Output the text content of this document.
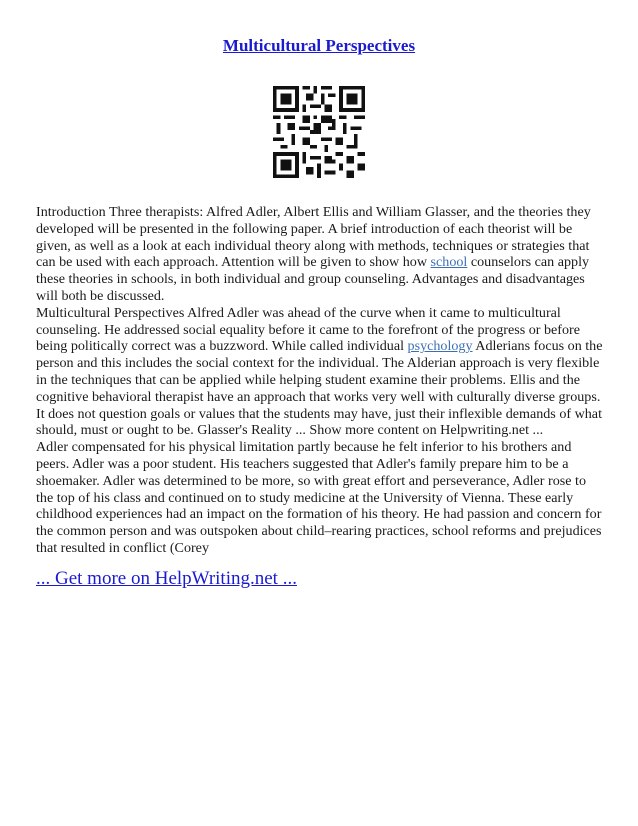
Multicultural Perspectives

Introduction Three therapists: Alfred Adler, Albert Ellis and William Glasser, and the theories they developed will be presented in the following paper. A brief introduction of each theorist will be given, as well as a look at each individual theory along with methods, techniques or strategies that can be used with each approach. Attention will be given to show how school counselors can apply these theories in schools, in both individual and group counseling. Advantages and disadvantages will both be discussed.

Multicultural Perspectives Alfred Adler was ahead of the curve when it came to multicultural counseling. He addressed social equality before it came to the forefront of the progress or before being politically correct was a buzzword. While called individual psychology Adlerians focus on the person and this includes the social context for the individual. The Alderian approach is very flexible in the techniques that can be applied while helping student examine their problems. Ellis and the cognitive behavioral therapist have an approach that works very well with culturally diverse groups. It does not question goals or values that the students may have, just their inflexible demands of what should, must or ought to be. Glasser's Reality ... Show more content on Helpwriting.net ...

Adler compensated for his physical limitation partly because he felt inferior to his brothers and peers. Adler was a poor student. His teachers suggested that Adler's family prepare him to be a shoemaker. Adler was determined to be more, so with great effort and perseverance, Adler rose to the top of his class and continued on to study medicine at the University of Vienna. These early childhood experiences had an impact on the formation of his theory. He had passion and concern for the common person and was outspoken about child–rearing practices, school reforms and prejudices that resulted in conflict (Corey

... Get more on HelpWriting.net ...
